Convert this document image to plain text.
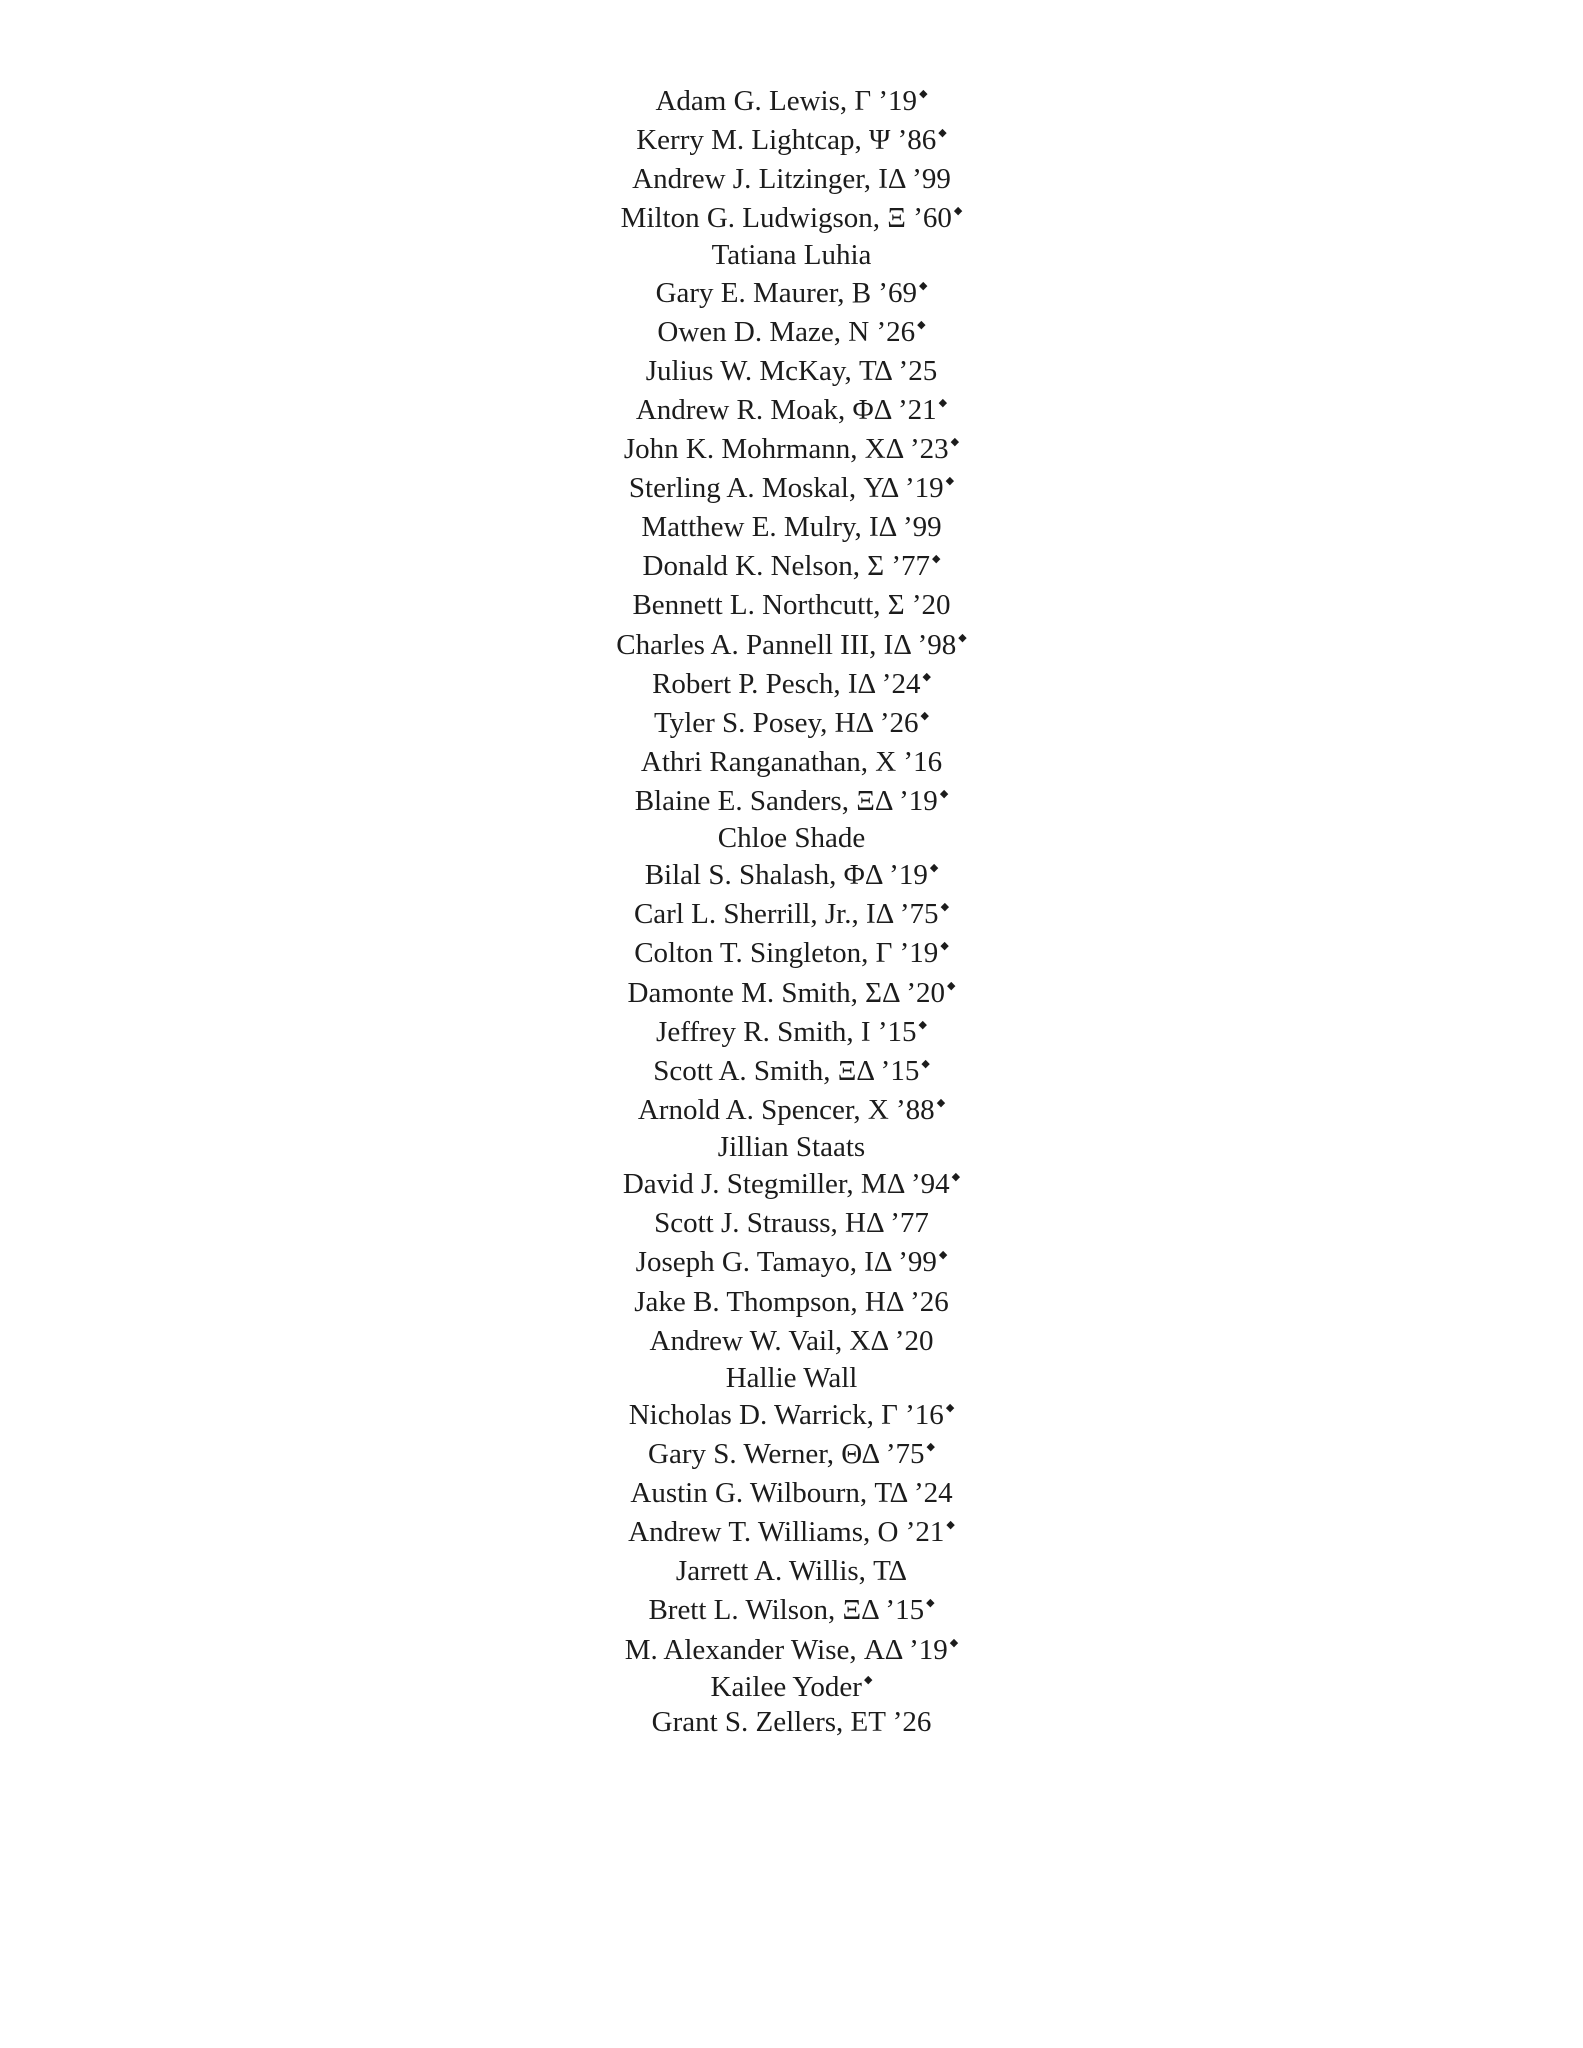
Adam G. Lewis, Γ ’19 ◆
Kerry M. Lightcap, Ψ ’86 ◆
Andrew J. Litzinger, ΙΔ ’99
Milton G. Ludwigson, Ξ ’60 ◆
Tatiana Luhia
Gary E. Maurer, Β ’69 ◆
Owen D. Maze, Ν ’26 ◆
Julius W. McKay, ΤΔ ’25
Andrew R. Moak, ΦΔ ’21 ◆
John K. Mohrmann, ΧΔ ’23 ◆
Sterling A. Moskal, ΥΔ ’19 ◆
Matthew E. Mulry, ΙΔ ’99
Donald K. Nelson, Σ ’77 ◆
Bennett L. Northcutt, Σ ’20
Charles A. Pannell III, ΙΔ ’98 ◆
Robert P. Pesch, ΙΔ ’24 ◆
Tyler S. Posey, ΗΔ ’26 ◆
Athri Ranganathan, Χ ’16
Blaine E. Sanders, ΞΔ ’19 ◆
Chloe Shade
Bilal S. Shalash, ΦΔ ’19 ◆
Carl L. Sherrill, Jr., ΙΔ ’75 ◆
Colton T. Singleton, Γ ’19 ◆
Damonte M. Smith, ΣΔ ’20 ◆
Jeffrey R. Smith, Ι ’15 ◆
Scott A. Smith, ΞΔ ’15 ◆
Arnold A. Spencer, Χ ’88 ◆
Jillian Staats
David J. Stegmiller, ΜΔ ’94 ◆
Scott J. Strauss, ΗΔ ’77
Joseph G. Tamayo, ΙΔ ’99 ◆
Jake B. Thompson, ΗΔ ’26
Andrew W. Vail, ΧΔ ’20
Hallie Wall
Nicholas D. Warrick, Γ ’16 ◆
Gary S. Werner, ΘΔ ’75 ◆
Austin G. Wilbourn, ΤΔ ’24
Andrew T. Williams, Ο ’21 ◆
Jarrett A. Willis, ΤΔ
Brett L. Wilson, ΞΔ ’15 ◆
M. Alexander Wise, ΑΔ ’19 ◆
Kailee Yoder ◆
Grant S. Zellers, ΕΤ ’26
